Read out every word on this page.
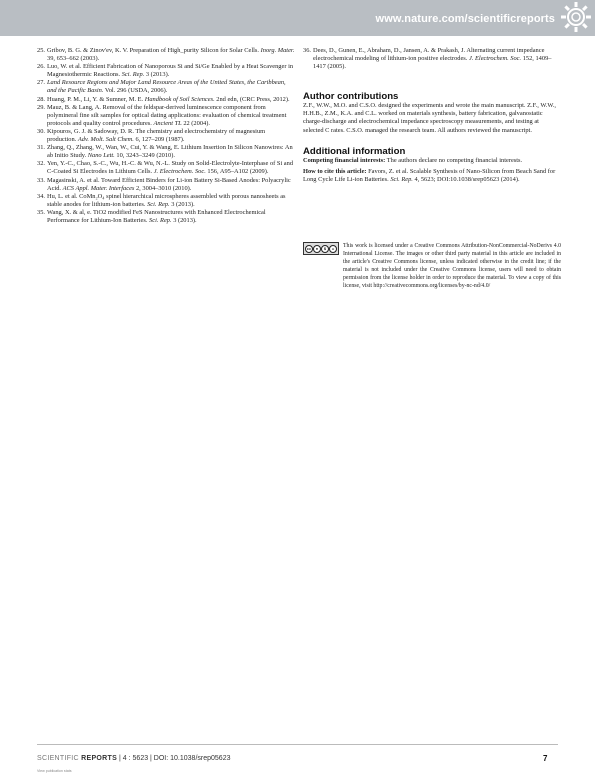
www.nature.com/scientificreports
25. Gribov, B. G. & Zinov'ev, K. V. Preparation of High_purity Silicon for Solar Cells. Inorg. Mater. 39, 653–662 (2003).
26. Luo, W. et al. Efficient Fabrication of Nanoporous Si and Si/Ge Enabled by a Heat Scavenger in Magnesiothermic Reactions. Sci. Rep. 3 (2013).
27. Land Resource Regions and Major Land Resource Areas of the United States, the Caribbean, and the Pacific Basin. Vol. 296 (USDA, 2006).
28. Huang, P. M., Li, Y. & Sumner, M. E. Handbook of Soil Sciences. 2nd edn, (CRC Press, 2012).
29. Mauz, B. & Lang, A. Removal of the feldspar-derived luminescence component from polymineral fine silt samples for optical dating applications: evaluation of chemical treatment protocols and quality control procedures. Ancient TL 22 (2004).
30. Kipouros, G. J. & Sadoway, D. R. The chemistry and electrochemistry of magnesium production. Adv. Molt. Salt Chem. 6, 127–209 (1987).
31. Zhang, Q., Zhang, W., Wan, W., Cui, Y. & Wang, E. Lithium Insertion In Silicon Nanowires: An ab Initio Study. Nano Lett. 10, 3243–3249 (2010).
32. Yen, Y.-C., Chao, S.-C., Wu, H.-C. & Wu, N.-L. Study on Solid-Electrolyte-Interphase of Si and C-Coated Si Electrodes in Lithium Cells. J. Electrochem. Soc. 156, A95–A102 (2009).
33. Magasinski, A. et al. Toward Efficient Binders for Li-ion Battery Si-Based Anodes: Polyacrylic Acid. ACS Appl. Mater. Interfaces 2, 3004–3010 (2010).
34. Hu, L. et al. CoMn₂O₄ spinel hierarchical microspheres assembled with porous nanosheets as stable anodes for lithium-ion batteries. Sci. Rep. 3 (2013).
35. Wang, X. & al, e. TiO2 modified FeS Nanostructures with Enhanced Electrochemical Performance for Lithium-Ion Batteries. Sci. Rep. 3 (2013).
36. Dees, D., Gunen, E., Abraham, D., Jansen, A. & Prakash, J. Alternating current impedance electrochemical modeling of lithium-ion positive electrodes. J. Electrochem. Soc. 152, 1409–1417 (2005).
Author contributions

Z.F., W.W., M.O. and C.S.O. designed the experiments and wrote the main manuscript. Z.F., W.W., H.H.B., Z.M., K.A. and C.L. worked on materials synthesis, battery fabrication, galvanostatic charge-discharge and electrochemical impedance spectroscopy measurements, and testing at selected C rates. C.S.O. managed the research team. All authors reviewed the manuscript.

Additional information

Competing financial interests: The authors declare no competing financial interests.

How to cite this article: Favors, Z. et al. Scalable Synthesis of Nano-Silicon from Beach Sand for Long Cycle Life Li-ion Batteries. Sci. Rep. 4, 5623; DOI:10.1038/srep05623 (2014).

cc	●	$	=	This work is licensed under a Creative Commons Attribution-NonCommercial-NoDerivs 4.0 International License. The images or other third party material in this article are included in the article's Creative Commons license, unless indicated otherwise in the credit line; if the material is not included under the Creative Commons license, users will need to obtain permission from the license holder in order to reproduce the material. To view a copy of this license, visit http://creativecommons.org/licenses/by-nc-nd/4.0/
SCIENTIFIC REPORTS | 4 : 5623 | DOI: 10.1038/srep05623	7
View publication stats
